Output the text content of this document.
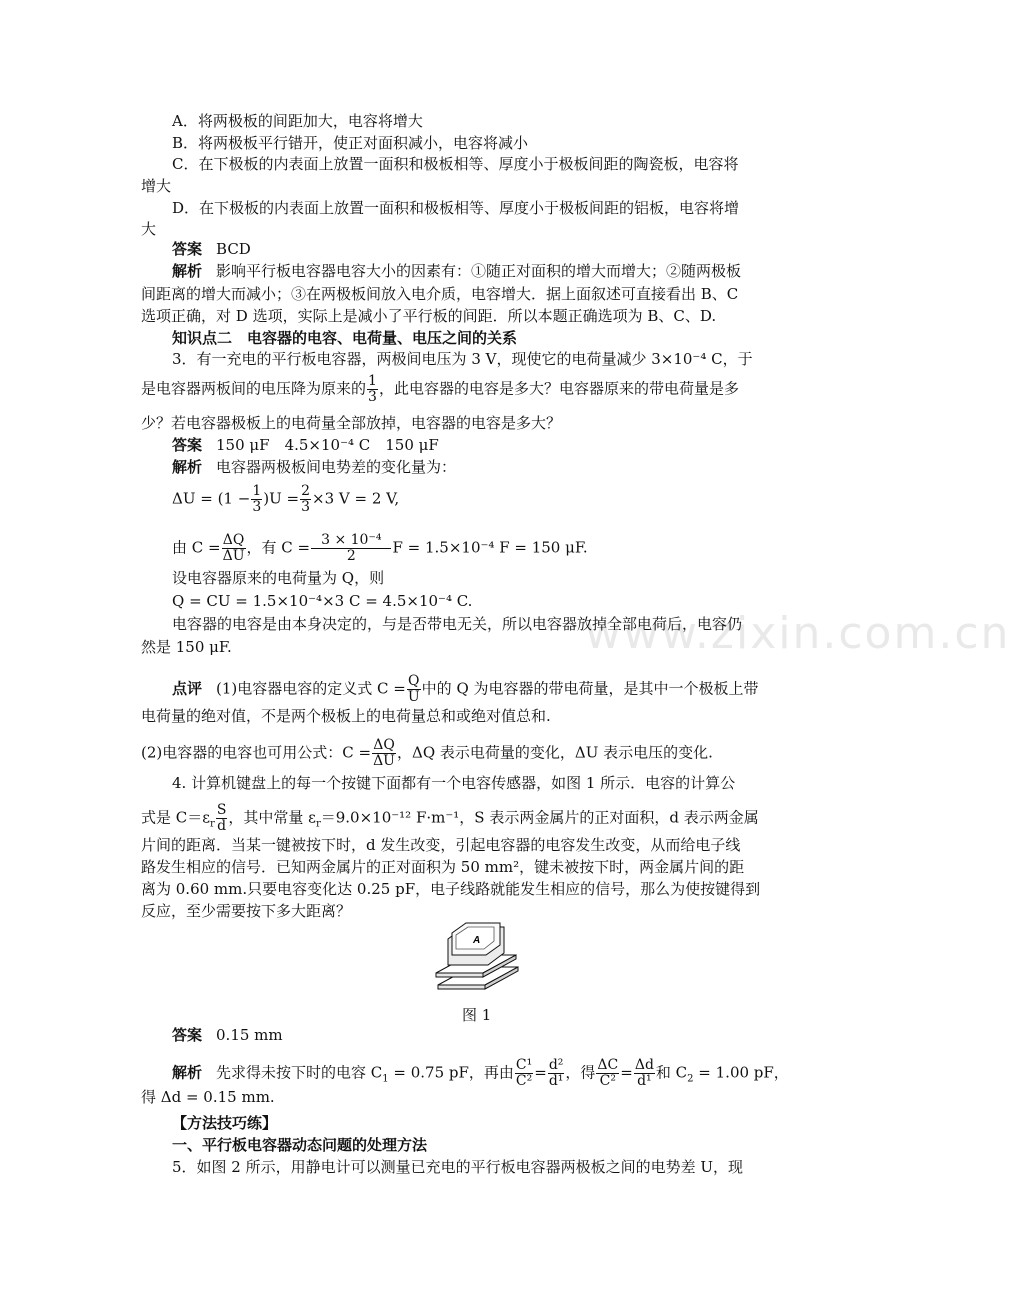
www.zixin.com.cn
A．将两极板的间距加大，电容将增大
B．将两极板平行错开，使正对面积减小，电容将减小
C．在下极板的内表面上放置一面积和极板相等、厚度小于极板间距的陶瓷板，电容将
增大
D．在下极板的内表面上放置一面积和极板相等、厚度小于极板间距的铝板，电容将增
大
答案 BCD
解析 影响平行板电容器电容大小的因素有：①随正对面积的增大而增大；②随两极板
间距离的增大而减小；③在两极板间放入电介质，电容增大．据上面叙述可直接看出 B、C
选项正确，对 D 选项，实际上是减小了平行板的间距．所以本题正确选项为 B、C、D.
知识点二　电容器的电容、电荷量、电压之间的关系
3．有一充电的平行板电容器，两极间电压为 3 V，现使它的电荷量减少 3×10⁻⁴ C，于
是电容器两板间的电压降为原来的 $\frac{1}{3}$ ，此电容器的电容是多大？电容器原来的带电荷量是多
少？若电容器极板上的电荷量全部放掉，电容器的电容是多大？
答案 150 μF　4.5×10⁻⁴ C　150 μF
解析 电容器两极板间电势差的变化量为：
$\Delta U = (1 - \frac{1}{3} )U = \frac{2}{3} \times 3$ V = 2 V,
由 $C = \frac{\Delta Q}{\Delta U}$ ，有 $C = \frac{\text{3 × 10⁻⁴}}{2}$ F = 1.5×10⁻⁴ F = 150 μF.
设电容器原来的电荷量为 Q，则
Q = CU = 1.5×10⁻⁴×3 C = 4.5×10⁻⁴ C.
电容器的电容是由本身决定的，与是否带电无关，所以电容器放掉全部电荷后，电容仍
然是 150 μF.
点评 (1)电容器电容的定义式 $C = \frac{Q}{U}$ 中的 Q 为电容器的带电荷量，是其中一个极板上带
电荷量的绝对值，不是两个极板上的电荷量总和或绝对值总和.
(2)电容器的电容也可用公式：$C = \frac{\Delta Q}{\Delta U}$ ，ΔQ 表示电荷量的变化，ΔU 表示电压的变化.
4. 计算机键盘上的每一个按键下面都有一个电容传感器，如图 1 所示．电容的计算公
式是 $C=\varepsilon_r \frac{S}{d}$ ，其中常量 $\varepsilon_r=9.0\times 10^{-12}$ F·m⁻¹，S 表示两金属片的正对面积，d 表示两金属
片间的距离．当某一键被按下时，d 发生改变，引起电容器的电容发生改变，从而给电子线
路发生相应的信号．已知两金属片的正对面积为 50 mm²，键未被按下时，两金属片间的距
离为 0.60 mm.只要电容变化达 0.25 pF，电子线路就能发生相应的信号，那么为使按键得到
反应，至少需要按下多大距离？
A
图 1
答案 0.15 mm
解析 先求得未按下时的电容 $C_1 = 0.75$ pF，再由 $\frac{\text{C¹}}{\text{C²}} = \frac{\text{d²}}{\text{d¹}}$ ，得 $\frac{\Delta C}{\text{C²}} = \frac{\Delta d}{\text{d¹}}$ 和 $C_2 = 1.00$ pF，
得 Δd = 0.15 mm.
【方法技巧练】
一、平行板电容器动态问题的处理方法
5．如图 2 所示，用静电计可以测量已充电的平行板电容器两极板之间的电势差 U，现
